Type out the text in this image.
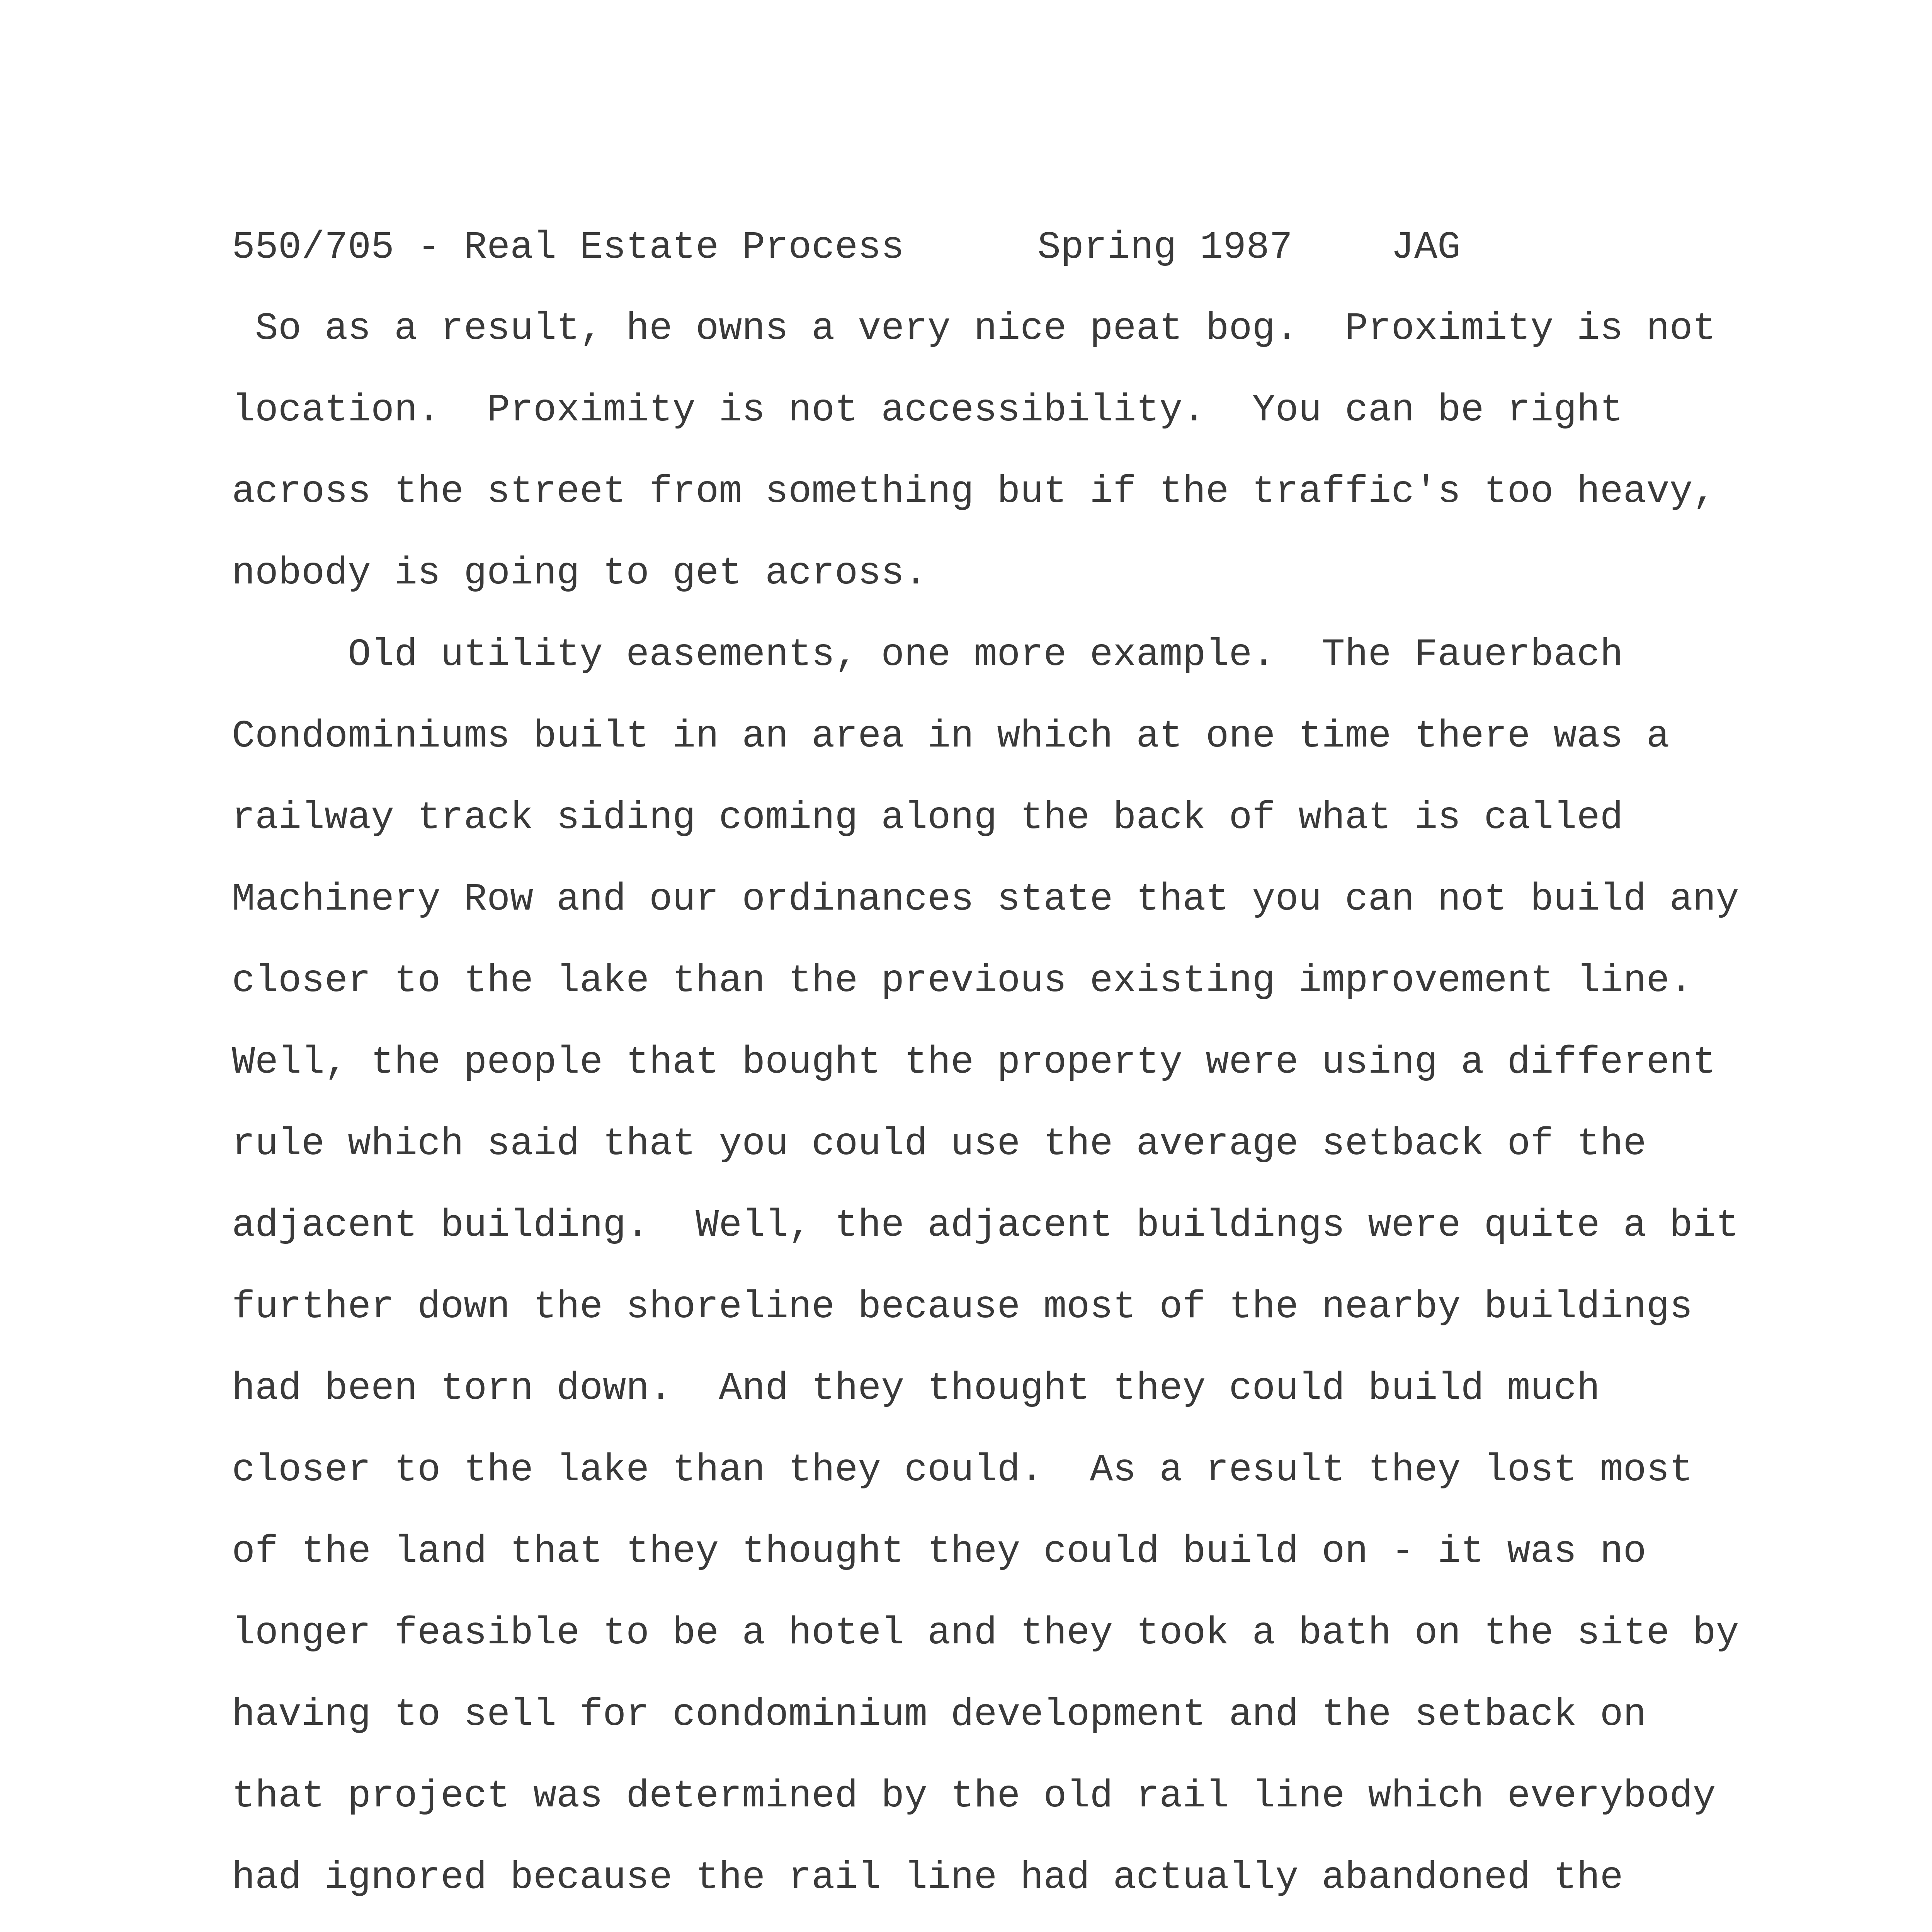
550/705 - Real Estate Process

	Spring 1987

	JAG

So as a result, he owns a very nice peat bog.  Proximity is not
location.  Proximity is not accessibility.  You can be right
across the street from something but if the traffic's too heavy,
nobody is going to get across.
Old utility easements, one more example.  The Fauerbach
Condominiums built in an area in which at one time there was a
railway track siding coming along the back of what is called
Machinery Row and our ordinances state that you can not build any
closer to the lake than the previous existing improvement line.
Well, the people that bought the property were using a different
rule which said that you could use the average setback of the
adjacent building.  Well, the adjacent buildings were quite a bit
further down the shoreline because most of the nearby buildings
had been torn down.  And they thought they could build much
closer to the lake than they could.  As a result they lost most
of the land that they thought they could build on - it was no
longer feasible to be a hotel and they took a bath on the site by
having to sell for condominium development and the setback on
that project was determined by the old rail line which everybody
had ignored because the rail line had actually abandoned the
